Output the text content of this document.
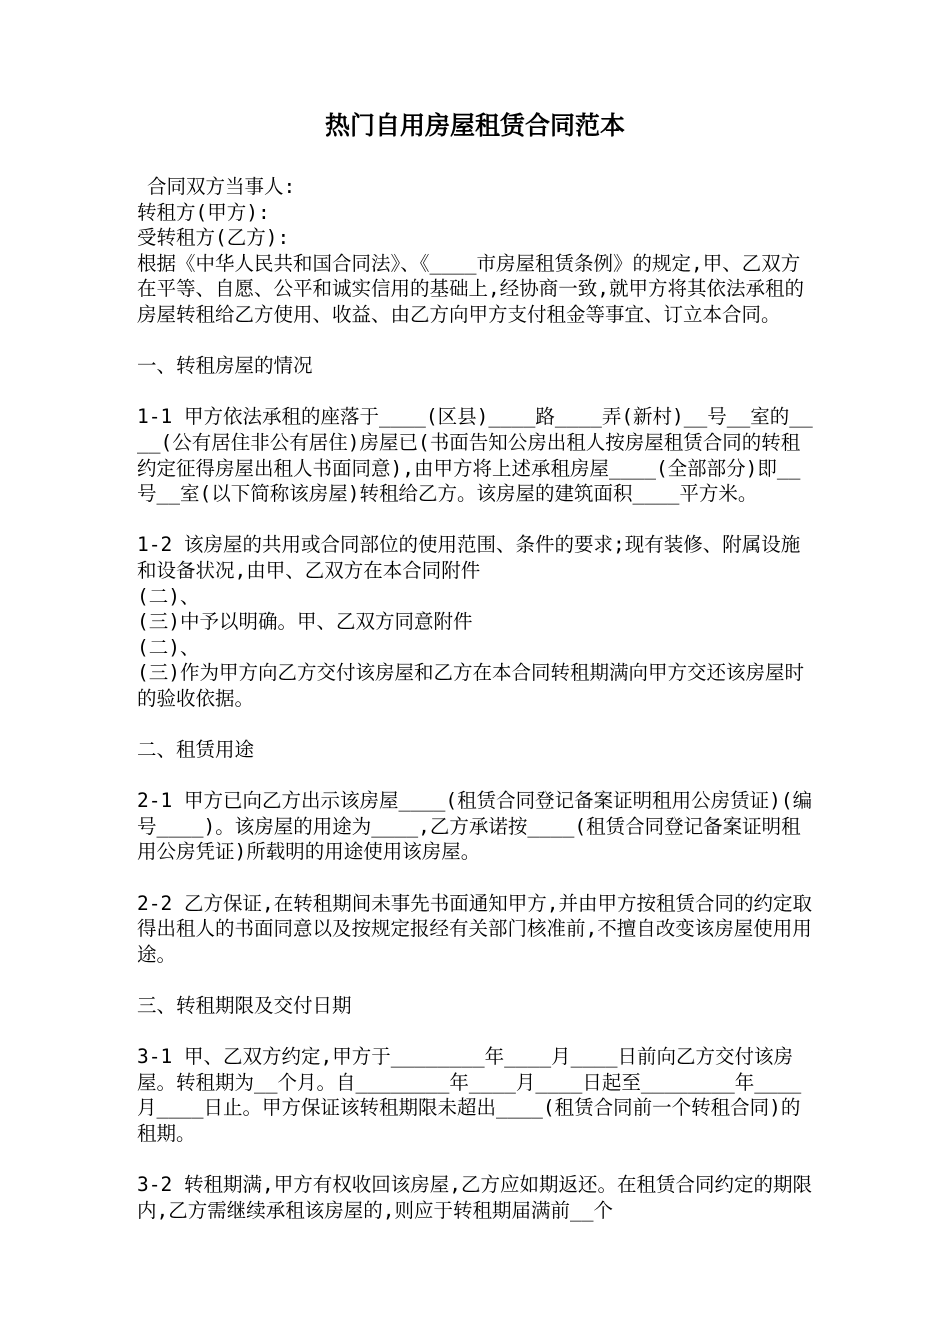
热门自用房屋租赁合同范本

合同双方当事人:

转租方(甲方):

受转租方(乙方):

根据《中华人民共和国合同法》、《____市房屋租赁条例》的规定,甲、乙双方在平等、自愿、公平和诚实信用的基础上,经协商一致,就甲方将其依法承租的房屋转租给乙方使用、收益、由乙方向甲方支付租金等事宜、订立本合同。

一、转租房屋的情况

1-1 甲方依法承租的座落于____(区县)____路____弄(新村)__号__室的____(公有居住非公有居住)房屋已(书面告知公房出租人按房屋租赁合同的转租约定征得房屋出租人书面同意),由甲方将上述承租房屋____(全部部分)即__号__室(以下简称该房屋)转租给乙方。该房屋的建筑面积____平方米。

1-2 该房屋的共用或合同部位的使用范围、条件的要求;现有装修、附属设施和设备状况,由甲、乙双方在本合同附件

(二)、

(三)中予以明确。甲、乙双方同意附件

(二)、

(三)作为甲方向乙方交付该房屋和乙方在本合同转租期满向甲方交还该房屋时的验收依据。

二、租赁用途

2-1 甲方已向乙方出示该房屋____(租赁合同登记备案证明租用公房赁证)(编号____)。该房屋的用途为____,乙方承诺按____(租赁合同登记备案证明租用公房凭证)所载明的用途使用该房屋。

2-2 乙方保证,在转租期间未事先书面通知甲方,并由甲方按租赁合同的约定取得出租人的书面同意以及按规定报经有关部门核准前,不擅自改变该房屋使用用途。

三、转租期限及交付日期

3-1 甲、乙双方约定,甲方于________年____月____日前向乙方交付该房屋。转租期为__个月。自________年____月____日起至________年____月____日止。甲方保证该转租期限未超出____(租赁合同前一个转租合同)的租期。

3-2 转租期满,甲方有权收回该房屋,乙方应如期返还。在租赁合同约定的期限内,乙方需继续承租该房屋的,则应于转租期届满前__个
